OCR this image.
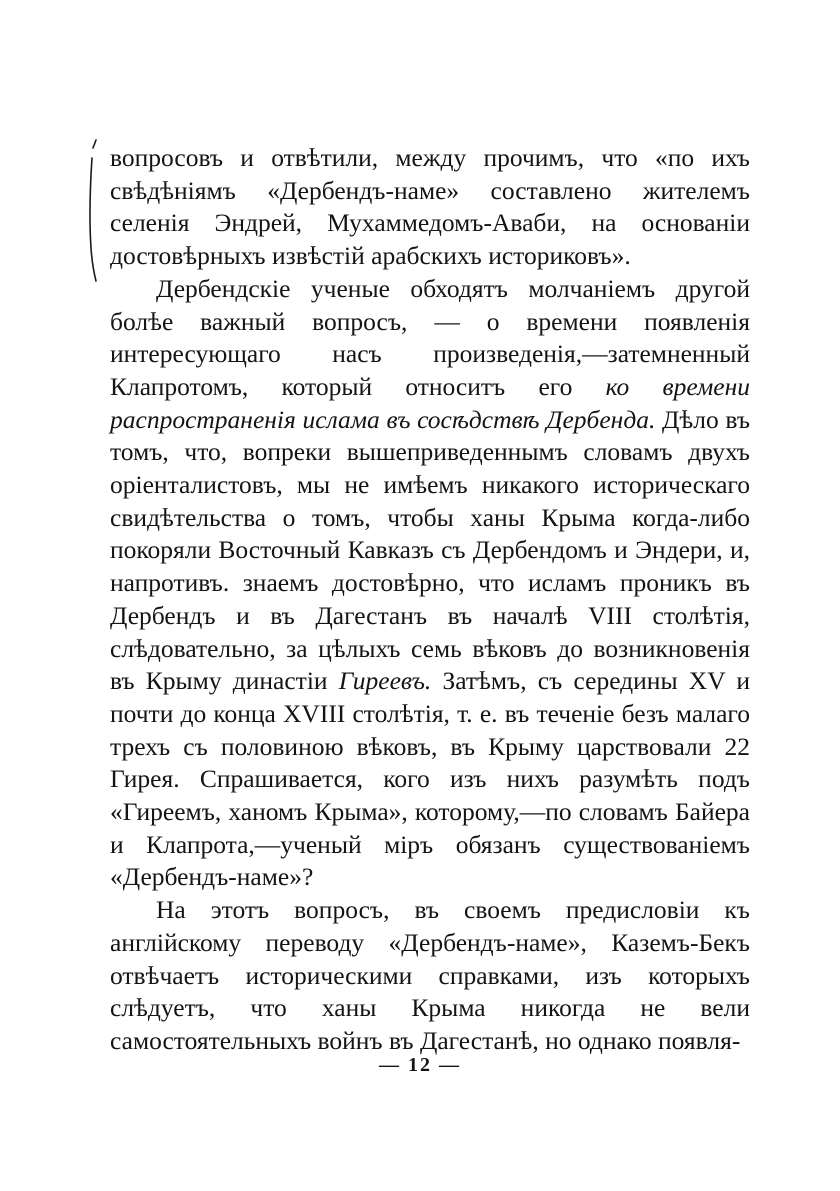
вопросовъ и отвѣтили, между прочимъ, что «по ихъ свѣдѣніямъ «Дербендъ-наме» составлено жителемъ селенія Эндрей, Мухаммедомъ-Аваби, на основаніи достовѣрныхъ извѣстій арабскихъ историковъ».

Дербендскіе ученые обходятъ молчаніемъ другой болѣе важный вопросъ, — о времени появленія интересующаго насъ произведенія,—затемненный Клапротомъ, который относитъ его ко времени распространенія ислама въ сосѣдствѣ Дербенда. Дѣло въ томъ, что, вопреки вышеприведеннымъ словамъ двухъ оріенталистовъ, мы не имѣемъ никакого историческаго свидѣтельства о томъ, чтобы ханы Крыма когда-либо покоряли Восточный Кавказъ съ Дербендомъ и Эндери, и, напротивъ. знаемъ достовѣрно, что исламъ проникъ въ Дербендъ и въ Дагестанъ въ началѣ VIII столѣтія, слѣдовательно, за цѣлыхъ семь вѣковъ до возникновенія въ Крыму династіи Гиреевъ. Затѣмъ, съ середины XV и почти до конца XVIII столѣтія, т. е. въ теченіе безъ малаго трехъ съ половиною вѣковъ, въ Крыму царствовали 22 Гирея. Спрашивается, кого изъ нихъ разумѣть подъ «Гиреемъ, ханомъ Крыма», которому,—по словамъ Байера и Клапрота,—ученый міръ обязанъ существованіемъ «Дербендъ-наме»?

На этотъ вопросъ, въ своемъ предисловіи къ англійскому переводу «Дербендъ-наме», Каземъ-Бекъ отвѣчаетъ историческими справками, изъ которыхъ слѣдуетъ, что ханы Крыма никогда не вели самостоятельныхъ войнъ въ Дагестанѣ, но однако появля-

— 12 —
